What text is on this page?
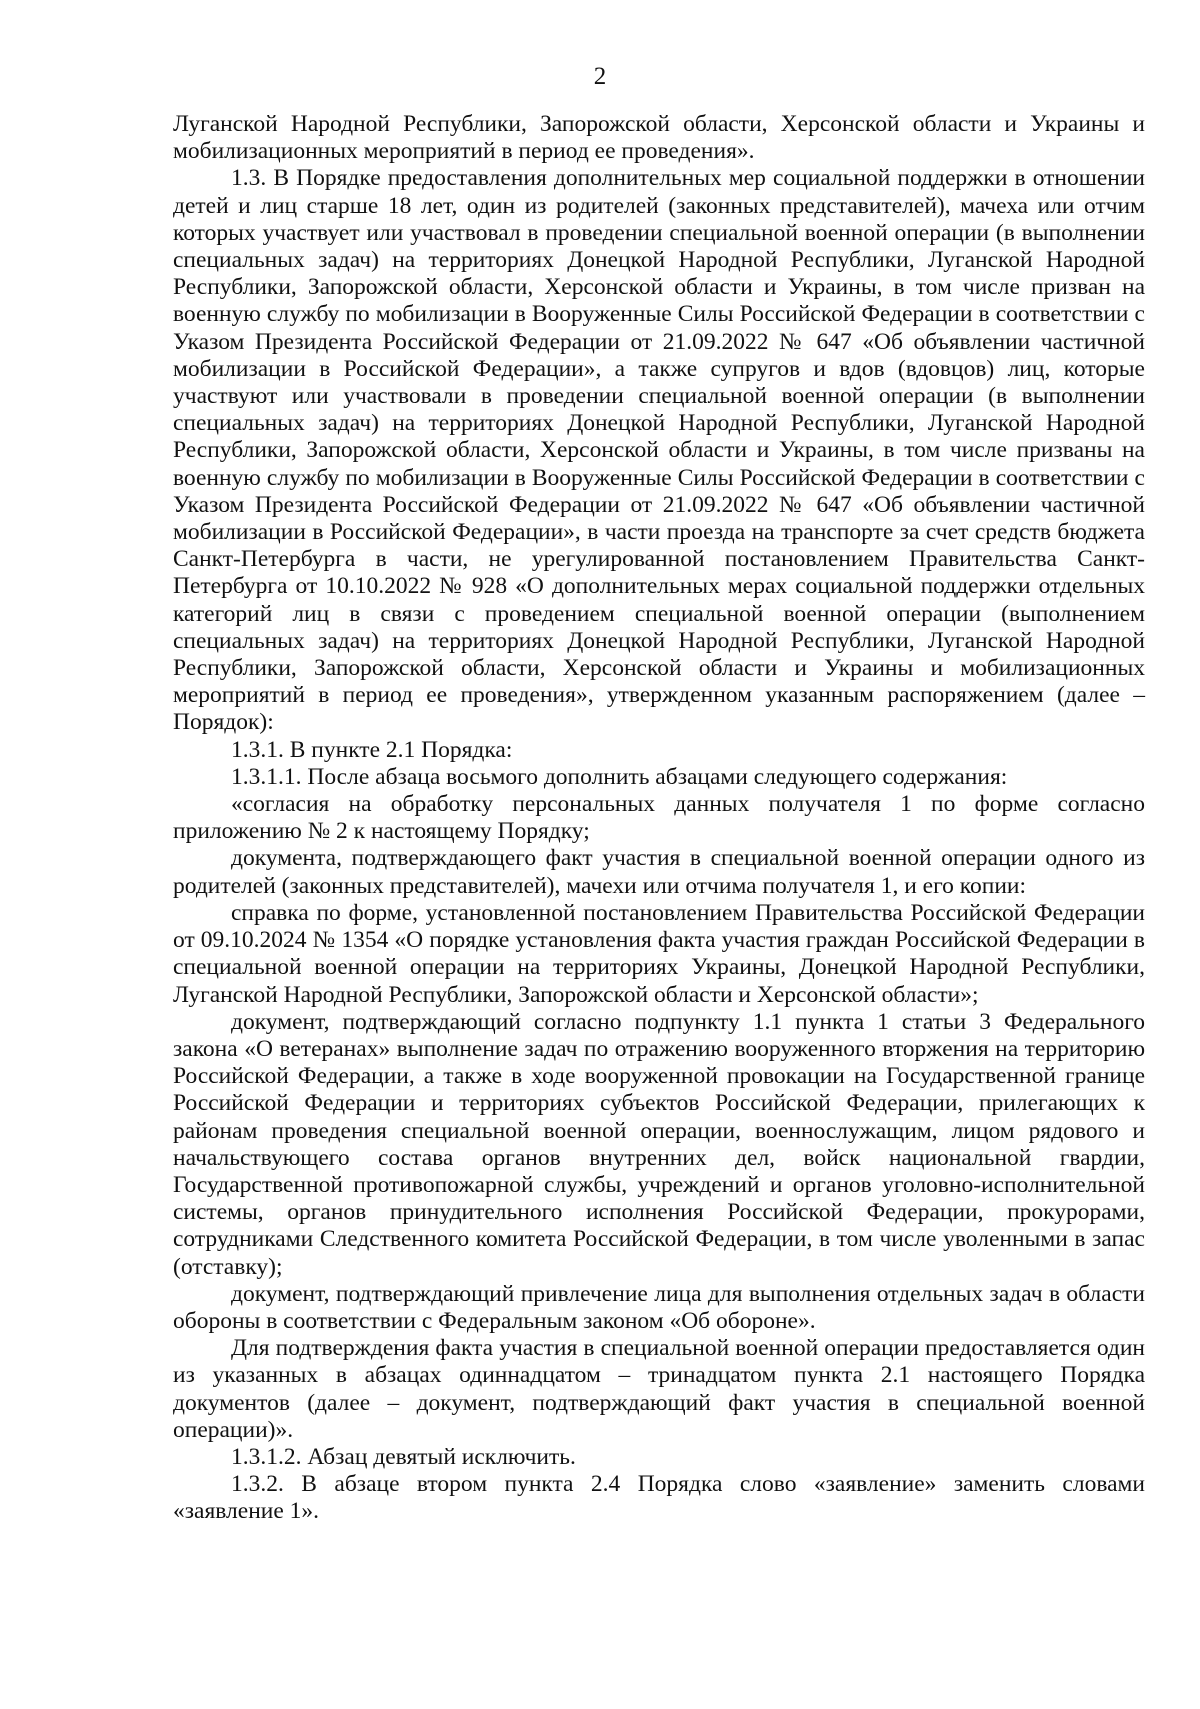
2

Луганской Народной Республики, Запорожской области, Херсонской области и Украины и мобилизационных мероприятий в период ее проведения».

1.3. В Порядке предоставления дополнительных мер социальной поддержки в отношении детей и лиц старше 18 лет, один из родителей (законных представителей), мачеха или отчим которых участвует или участвовал в проведении специальной военной операции (в выполнении специальных задач) на территориях Донецкой Народной Республики, Луганской Народной Республики, Запорожской области, Херсонской области и Украины, в том числе призван на военную службу по мобилизации в Вооруженные Силы Российской Федерации в соответствии с Указом Президента Российской Федерации от 21.09.2022 № 647 «Об объявлении частичной мобилизации в Российской Федерации», а также супругов и вдов (вдовцов) лиц, которые участвуют или участвовали в проведении специальной военной операции (в выполнении специальных задач) на территориях Донецкой Народной Республики, Луганской Народной Республики, Запорожской области, Херсонской области и Украины, в том числе призваны на военную службу по мобилизации в Вооруженные Силы Российской Федерации в соответствии с Указом Президента Российской Федерации от 21.09.2022 № 647 «Об объявлении частичной мобилизации в Российской Федерации», в части проезда на транспорте за счет средств бюджета Санкт-Петербурга в части, не урегулированной постановлением Правительства Санкт-Петербурга от 10.10.2022 № 928 «О дополнительных мерах социальной поддержки отдельных категорий лиц в связи с проведением специальной военной операции (выполнением специальных задач) на территориях Донецкой Народной Республики, Луганской Народной Республики, Запорожской области, Херсонской области и Украины и мобилизационных мероприятий в период ее проведения», утвержденном указанным распоряжением (далее – Порядок):

1.3.1. В пункте 2.1 Порядка:

1.3.1.1. После абзаца восьмого дополнить абзацами следующего содержания:

«согласия на обработку персональных данных получателя 1 по форме согласно приложению № 2 к настоящему Порядку;

документа, подтверждающего факт участия в специальной военной операции одного из родителей (законных представителей), мачехи или отчима получателя 1, и его копии:

справка по форме, установленной постановлением Правительства Российской Федерации от 09.10.2024 № 1354 «О порядке установления факта участия граждан Российской Федерации в специальной военной операции на территориях Украины, Донецкой Народной Республики, Луганской Народной Республики, Запорожской области и Херсонской области»;

документ, подтверждающий согласно подпункту 1.1 пункта 1 статьи 3 Федерального закона «О ветеранах» выполнение задач по отражению вооруженного вторжения на территорию Российской Федерации, а также в ходе вооруженной провокации на Государственной границе Российской Федерации и территориях субъектов Российской Федерации, прилегающих к районам проведения специальной военной операции, военнослужащим, лицом рядового и начальствующего состава органов внутренних дел, войск национальной гвардии, Государственной противопожарной службы, учреждений и органов уголовно-исполнительной системы, органов принудительного исполнения Российской Федерации, прокурорами, сотрудниками Следственного комитета Российской Федерации, в том числе уволенными в запас (отставку);

документ, подтверждающий привлечение лица для выполнения отдельных задач в области обороны в соответствии с Федеральным законом «Об обороне».

Для подтверждения факта участия в специальной военной операции предоставляется один из указанных в абзацах одиннадцатом – тринадцатом пункта 2.1 настоящего Порядка документов (далее – документ, подтверждающий факт участия в специальной военной операции)».

1.3.1.2. Абзац девятый исключить.

1.3.2. В абзаце втором пункта 2.4 Порядка слово «заявление» заменить словами «заявление 1».
